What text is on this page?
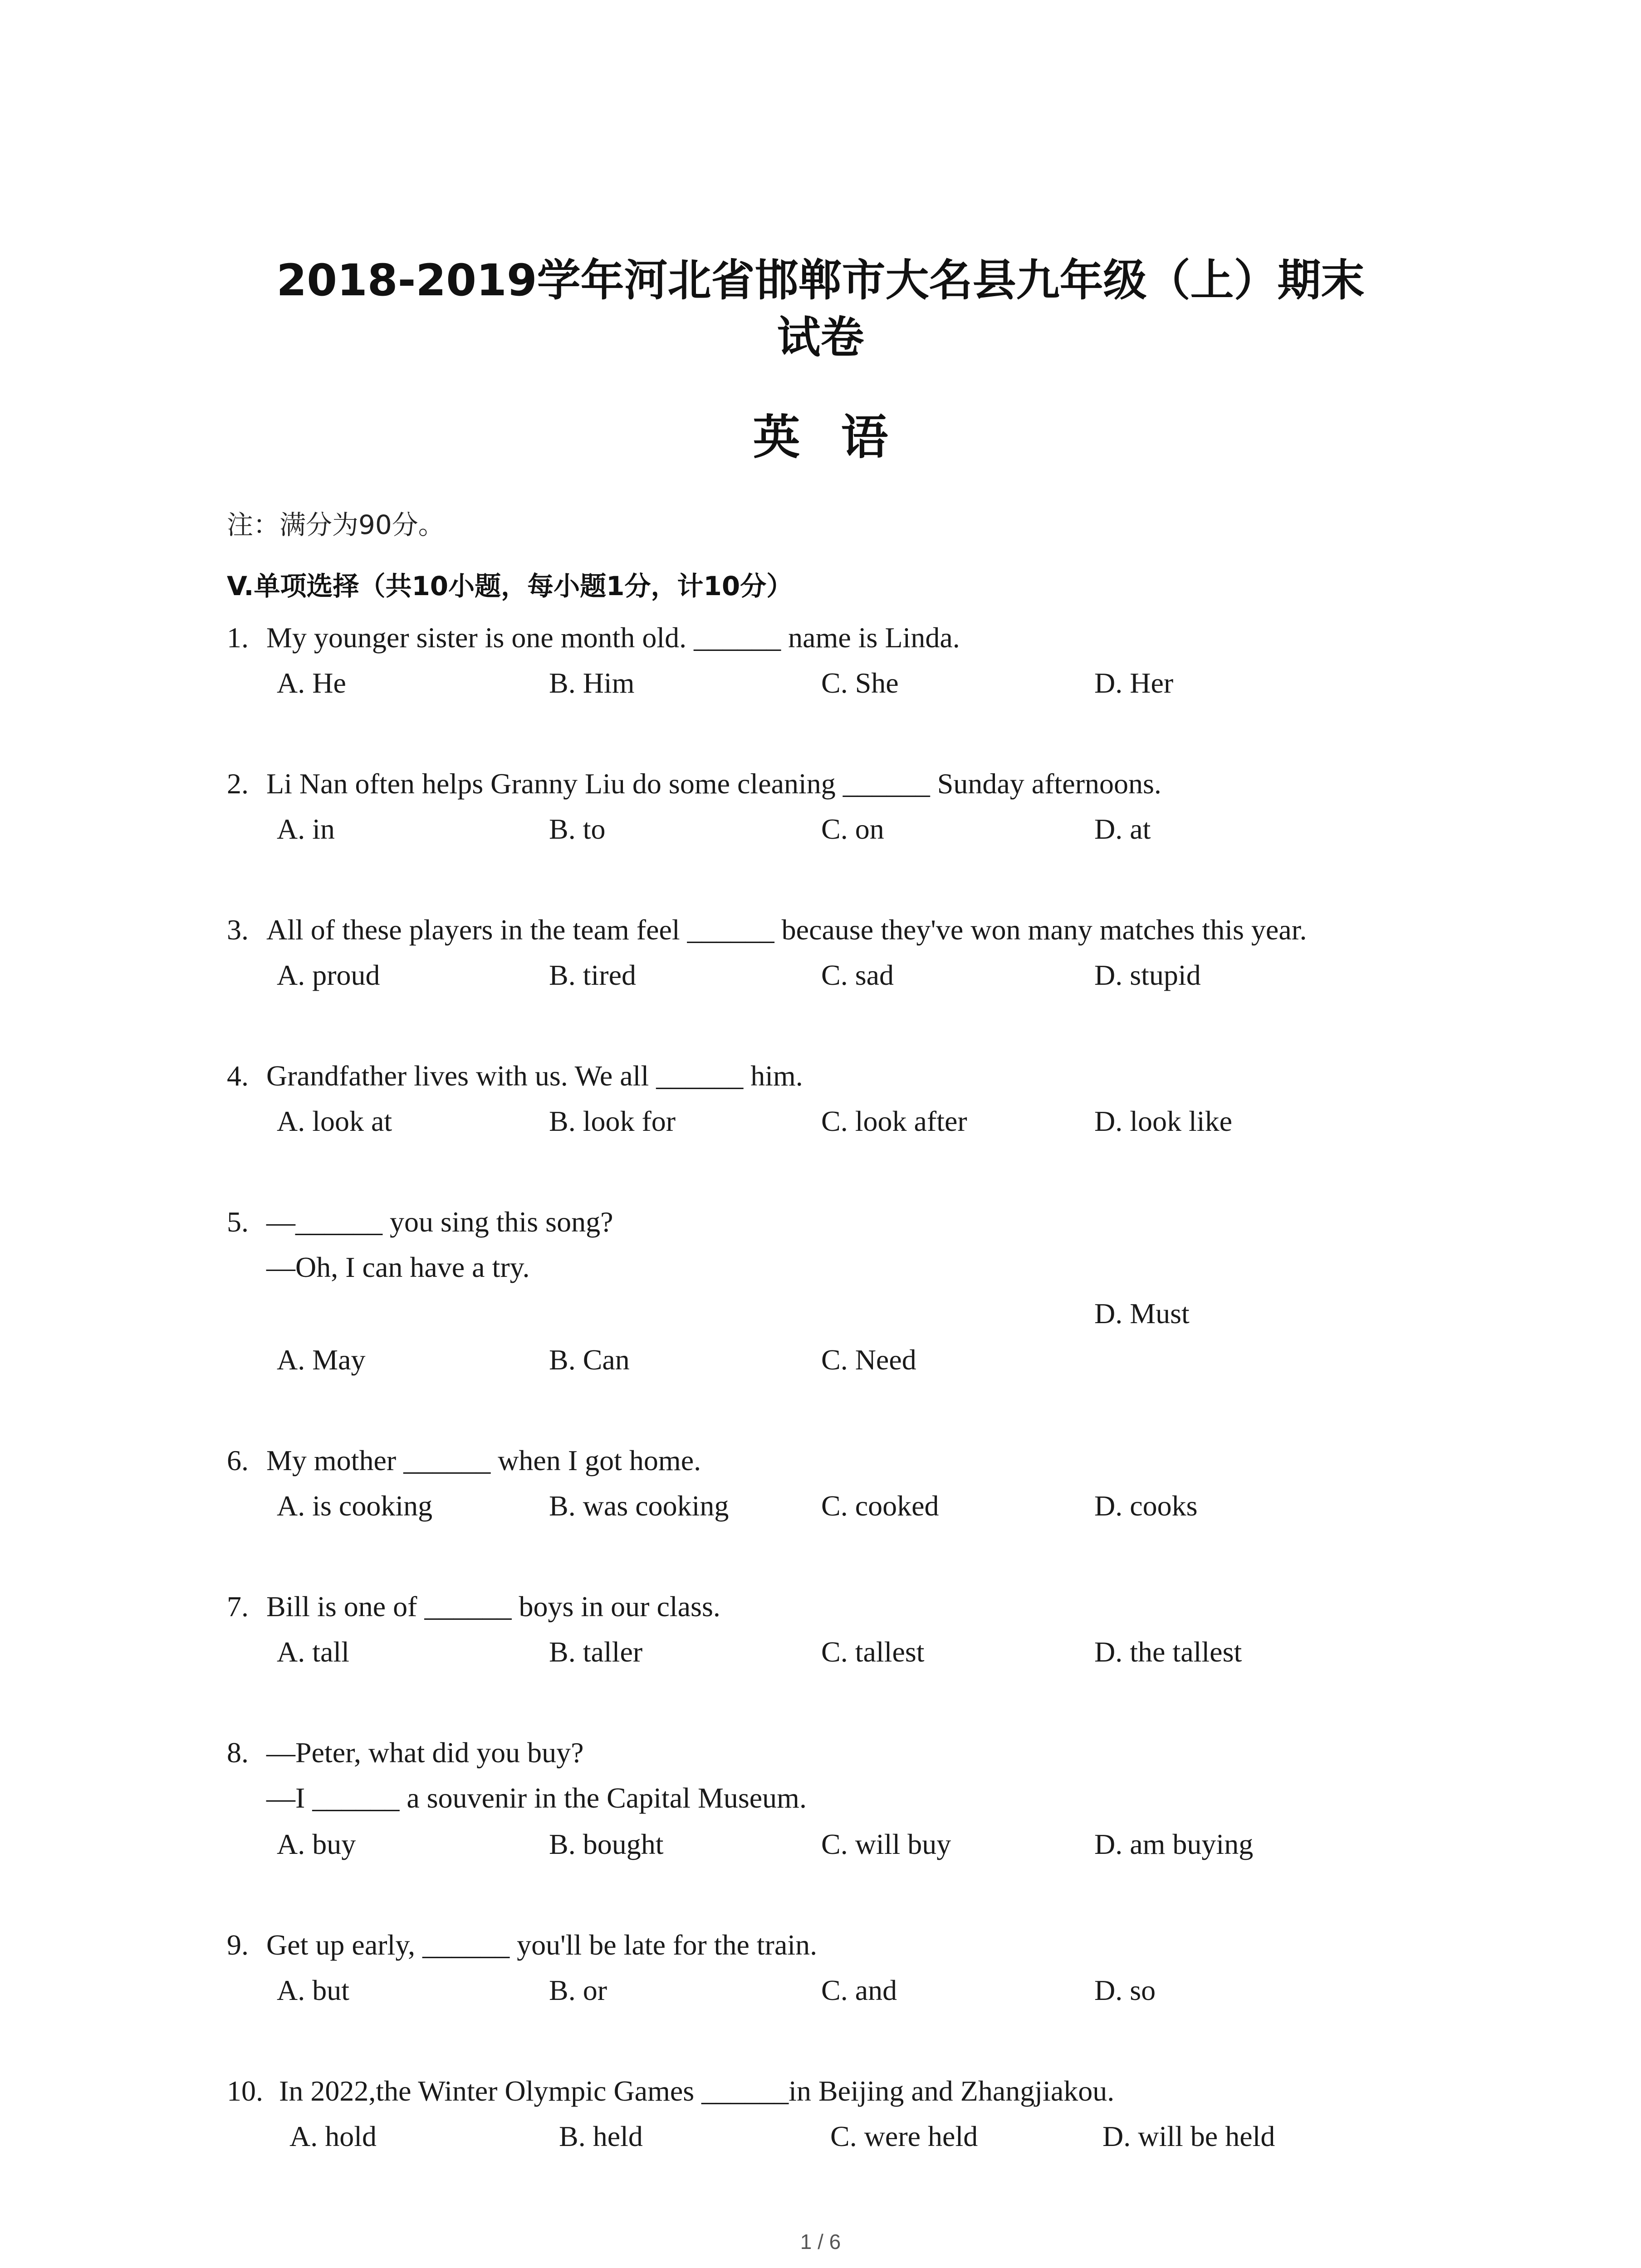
2018-2019学年河北省邯郸市大名县九年级（上）期末
试卷
英语
注：满分为90分。
V.单项选择（共10小题，每小题1分，计10分）
1. My younger sister is one month old. ______ name is Linda.
A. He	B. Him	C. She	D. Her
2. Li Nan often helps Granny Liu do some cleaning ______ Sunday afternoons.
A. in	B. to	C. on	D. at
3. All of these players in the team feel ______ because they've won many matches this year.
A. proud	B. tired	C. sad	D. stupid
4. Grandfather lives with us. We all ______ him.
A. look at	B. look for	C. look after	D. look like
5. —______ you sing this song?
—Oh, I can have a try.
D. Must
A. May	B. Can	C. Need
6. My mother ______ when I got home.
A. is cooking	B. was cooking	C. cooked	D. cooks
7. Bill is one of ______ boys in our class.
A. tall	B. taller	C. tallest	D. the tallest
8. —Peter, what did you buy?
—I ______ a souvenir in the Capital Museum.
A. buy	B. bought	C. will buy	D. am buying
9. Get up early, ______ you'll be late for the train.
A. but	B. or	C. and	D. so
10. In 2022,the Winter Olympic Games ______in Beijing and Zhangjiakou.
A. hold	B. held	C. were held	D. will be held
1 / 6
